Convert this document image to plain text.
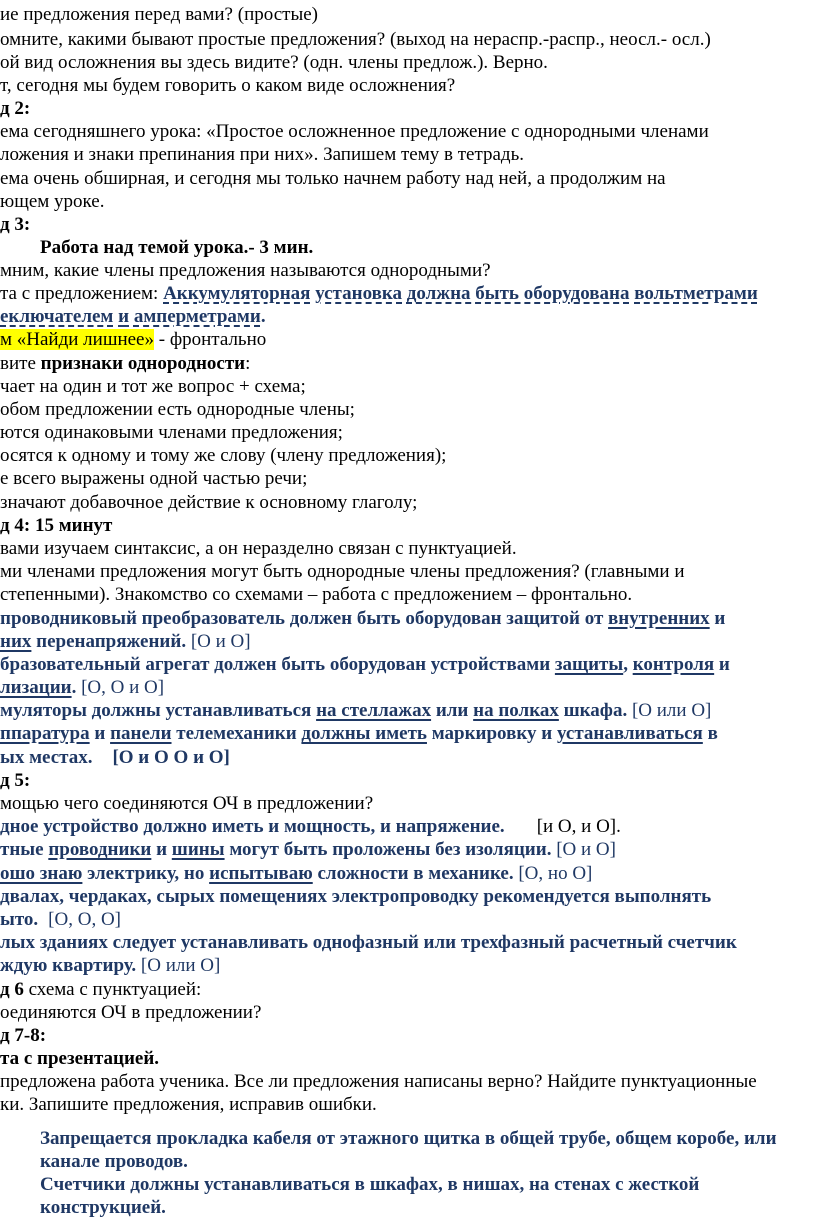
ие предложения перед вами? (простые)
омните, какими бывают простые предложения? (выход на нераспр.-распр., неосл.- осл.)
ой вид осложнения вы здесь видите? (одн. члены предлож.). Верно.
т, сегодня мы будем говорить о каком виде осложнения?
д 2:
ема сегодняшнего урока: «Простое осложненное предложение с однородными членами
ложения и знаки препинания при них». Запишем тему в тетрадь.
ема очень обширная, и сегодня мы только начнем работу над ней, а продолжим на
ющем уроке.
д 3:
Работа над темой урока.- 3 мин.
мним, какие члены предложения называются однородными?
та с предложением: Аккумуляторная установка должна быть оборудована вольтметрами
еключателем и амперметрами.
м «Найди лишнее» - фронтально
вите признаки однородности:
чает на один и тот же вопрос + схема;
обом предложении есть однородные члены;
ются одинаковыми членами предложения;
осятся к одному и тому же слову (члену предложения);
е всего выражены одной частью речи;
значают добавочное действие к основному глаголу;
д 4: 15 минут
вами изучаем синтаксис, а он неразделно связан с пунктуацией.
ми членами предложения могут быть однородные члены предложения? (главными и
степенными). Знакомство со схемами – работа с предложением – фронтально.
проводниковый преобразователь должен быть оборудован защитой от внутренних и
них перенапряжений. [О и О]
бразовательный агрегат должен быть оборудован устройствами защиты, контроля и
лизации. [О, О и О]
муляторы должны устанавливаться на стеллажах или на полках шкафа. [О или О]
ппаратура и панели телемеханики должны иметь маркировку и устанавливаться в
ых местах. [О и О О и О]
д 5:
мощью чего соединяются ОЧ в предложении?
дное устройство должно иметь и мощность, и напряжение. [и О, и О].
тные проводники и шины могут быть проложены без изоляции. [О и О]
ошо знаю электрику, но испытываю сложности в механике. [О, но О]
двалах, чердаках, сырых помещениях электропроводку рекомендуется выполнять
ыто. [О, О, О]
лых зданиях следует устанавливать однофазный или трехфазный расчетный счетчик
ждую квартиру. [О или О]
д 6 схема с пунктуацией:
оединяются ОЧ в предложении?
д 7-8:
та с презентацией.
предложена работа ученика. Все ли предложения написаны верно? Найдите пунктуационные
ки. Запишите предложения, исправив ошибки.
Запрещается прокладка кабеля от этажного щитка в общей трубе, общем коробе, или
канале проводов.
Счетчики должны устанавливаться в шкафах, в нишах, на стенах с жесткой
конструкцией.
